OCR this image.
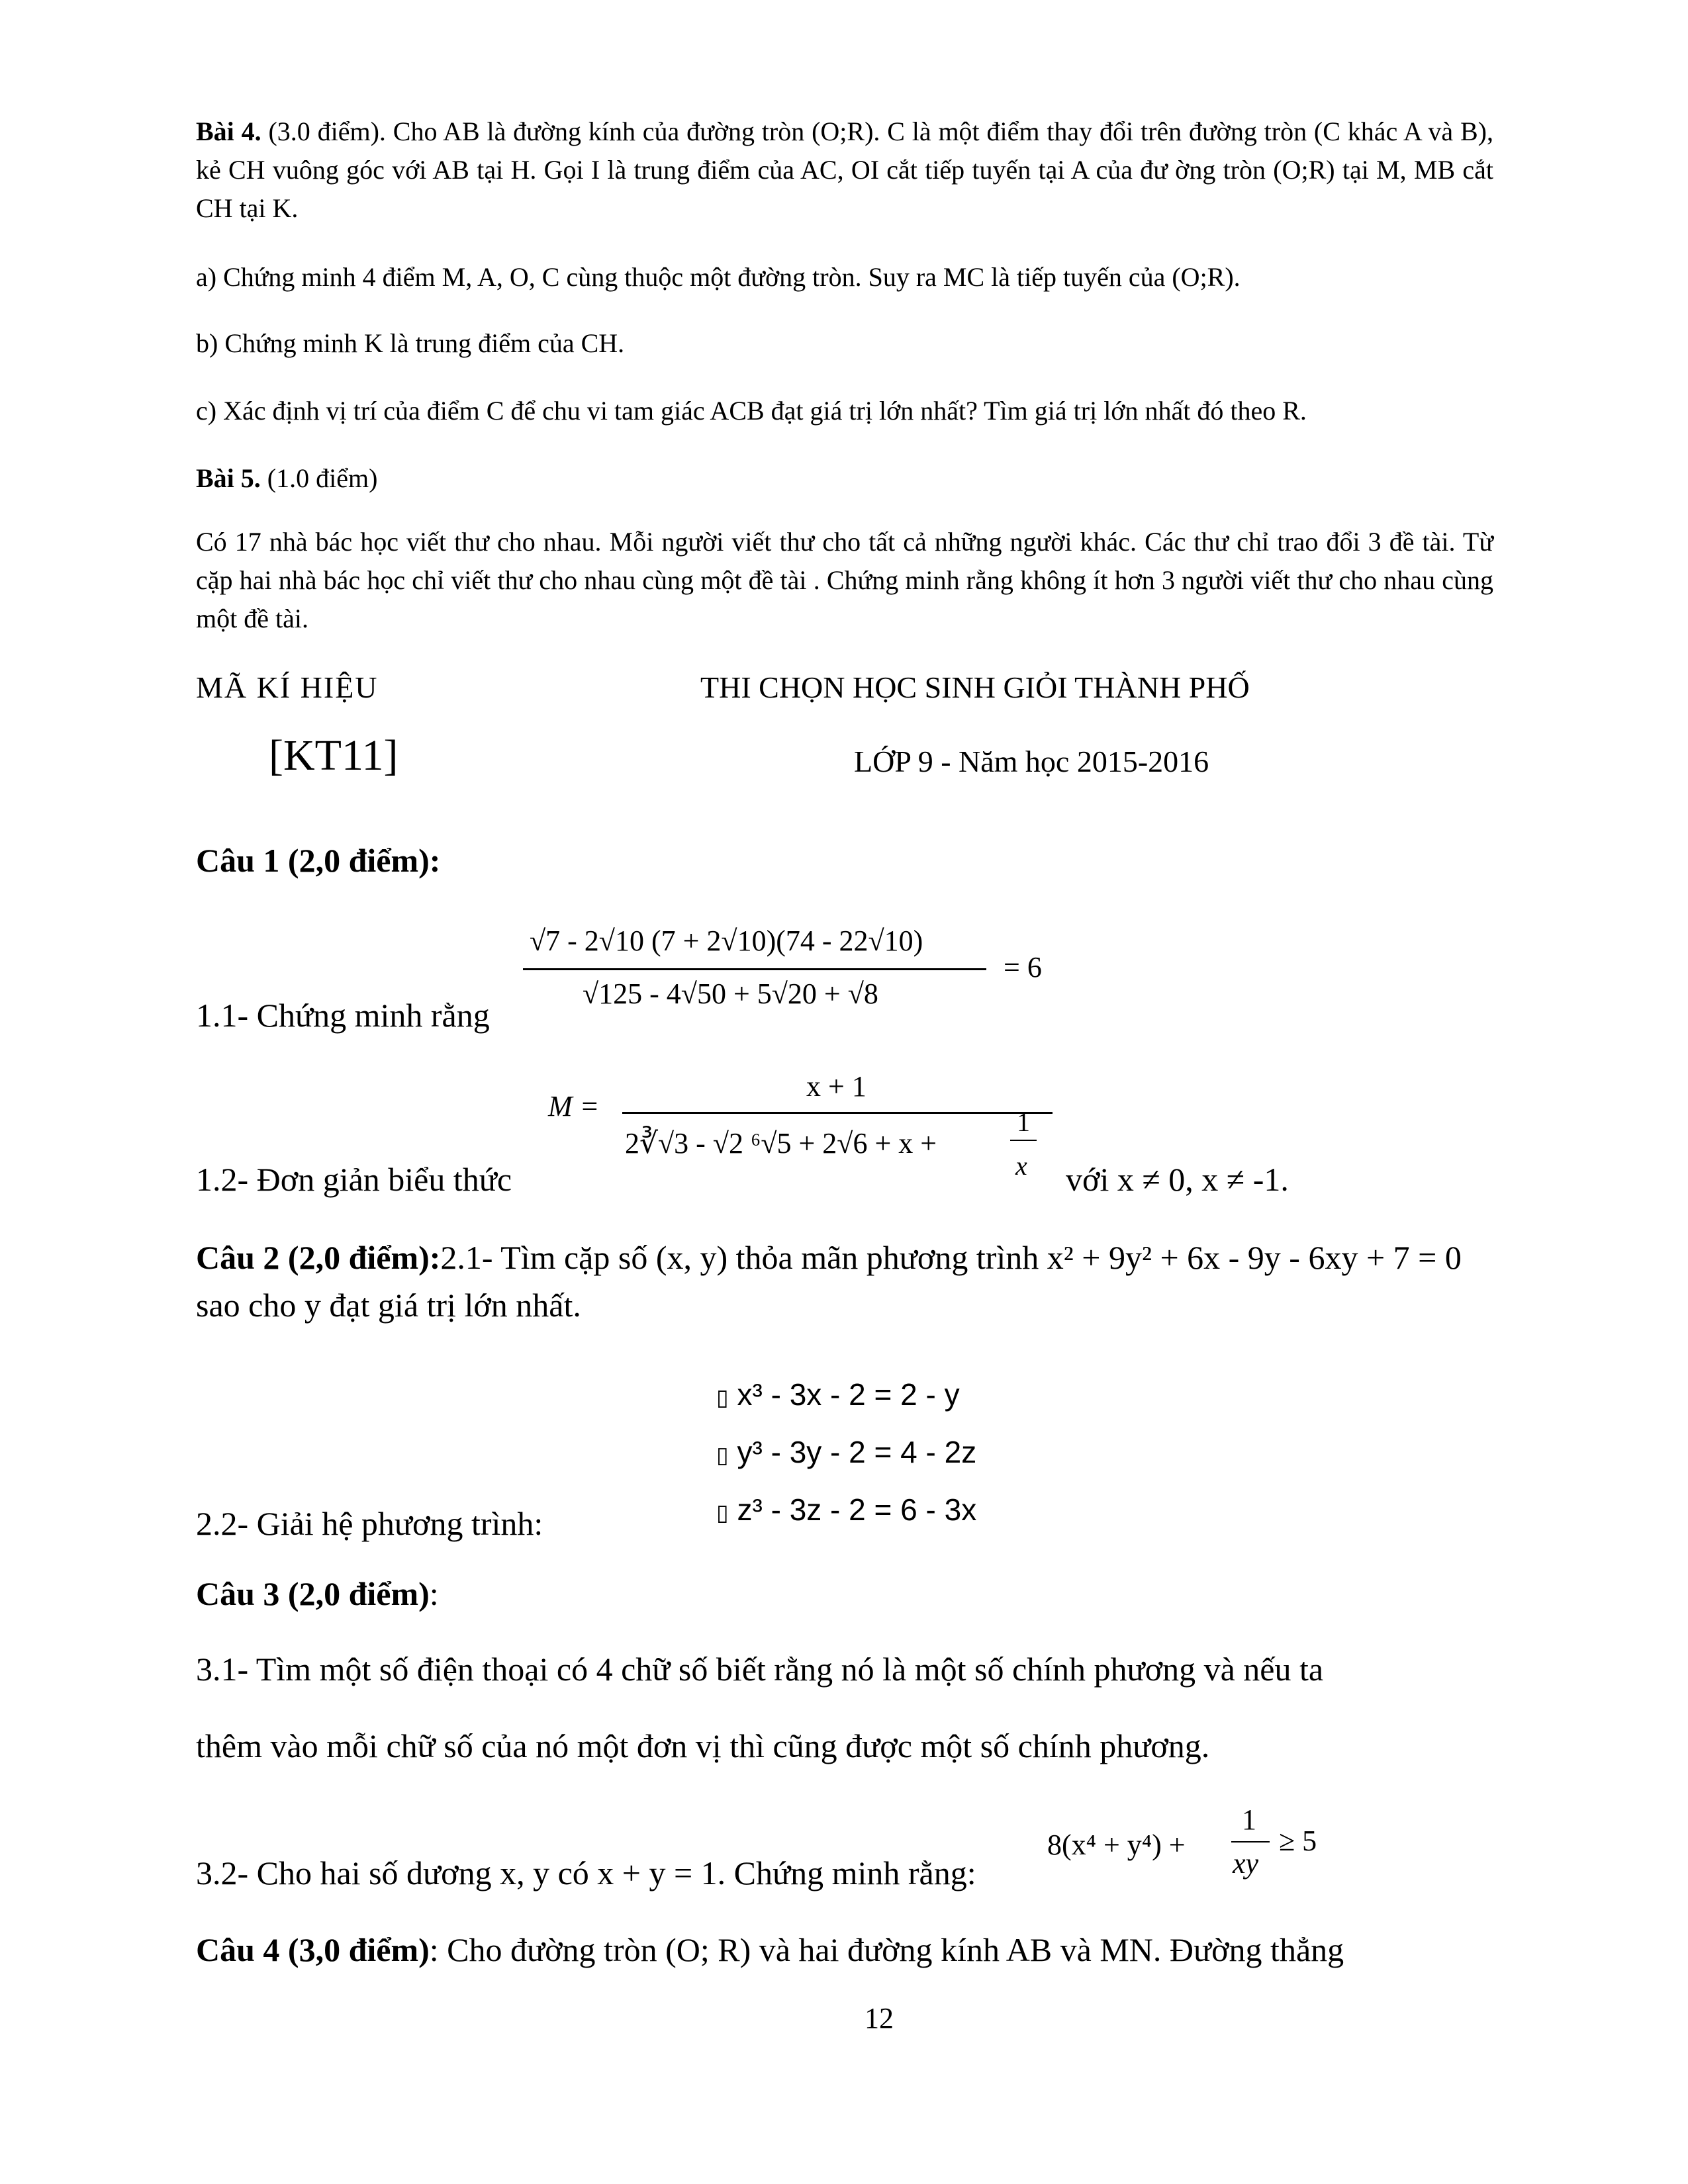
Bài 4. (3.0 điểm). Cho AB là đường kính của đường tròn (O;R). C là một điểm thay đổi trên đường tròn (C khác A và B), kẻ CH vuông góc với AB tại H. Gọi I là trung điểm của AC, OI cắt tiếp tuyến tại A của đư ờng tròn (O;R) tại M, MB cắt CH tại K.
a) Chứng minh 4 điểm M, A, O, C cùng thuộc một đường tròn. Suy ra MC là tiếp tuyến của (O;R).
b) Chứng minh K là trung điểm của CH.
c) Xác định vị trí của điểm C để chu vi tam giác ACB đạt giá trị lớn nhất? Tìm giá trị lớn nhất đó theo R.
Bài 5. (1.0 điểm)
Có 17 nhà bác học viết thư cho nhau. Mỗi người viết thư cho tất cả những người khác. Các thư chỉ trao đổi 3 đề tài. Từ cặp hai nhà bác học chỉ viết thư cho nhau cùng một đề tài . Chứng minh rằng không ít hơn 3 người viết thư cho nhau cùng một đề tài.
MÃ KÍ HIỆU	THI CHỌN HỌC SINH GIỎI THÀNH PHỐ
[KT11]	LỚP 9 - Năm học 2015-2016
Câu 1 (2,0 điểm):
√7 - 2√10 (7 + 2√10)(74 - 22√10)
√125 - 4√50 + 5√20 + √8
= 6
1.1- Chứng minh rằng
M =
x + 1
2∛√3 - √2 ⁶√5 + 2√6 + x +
1
x
1.2- Đơn giản biểu thức	với x ≠ 0, x ≠ -1.
Câu 2 (2,0 điểm):2.1- Tìm cặp số (x, y) thỏa mãn phương trình x² + 9y² + 6x - 9y - 6xy + 7 = 0
sao cho y đạt giá trị lớn nhất.
▯ x³ - 3x - 2 = 2 - y
▯ y³ - 3y - 2 = 4 - 2z
▯ z³ - 3z - 2 = 6 - 3x
2.2- Giải hệ phương trình:
Câu 3 (2,0 điểm):
3.1- Tìm một số điện thoại có 4 chữ số biết rằng nó là một số chính phương và nếu ta
thêm vào mỗi chữ số của nó một đơn vị thì cũng được một số chính phương.
8(x⁴ + y⁴) +
1
xy
≥ 5
3.2- Cho hai số dương x, y có x + y = 1. Chứng minh rằng:
Câu 4 (3,0 điểm): Cho đường tròn (O; R) và hai đường kính AB và MN. Đường thẳng
12
